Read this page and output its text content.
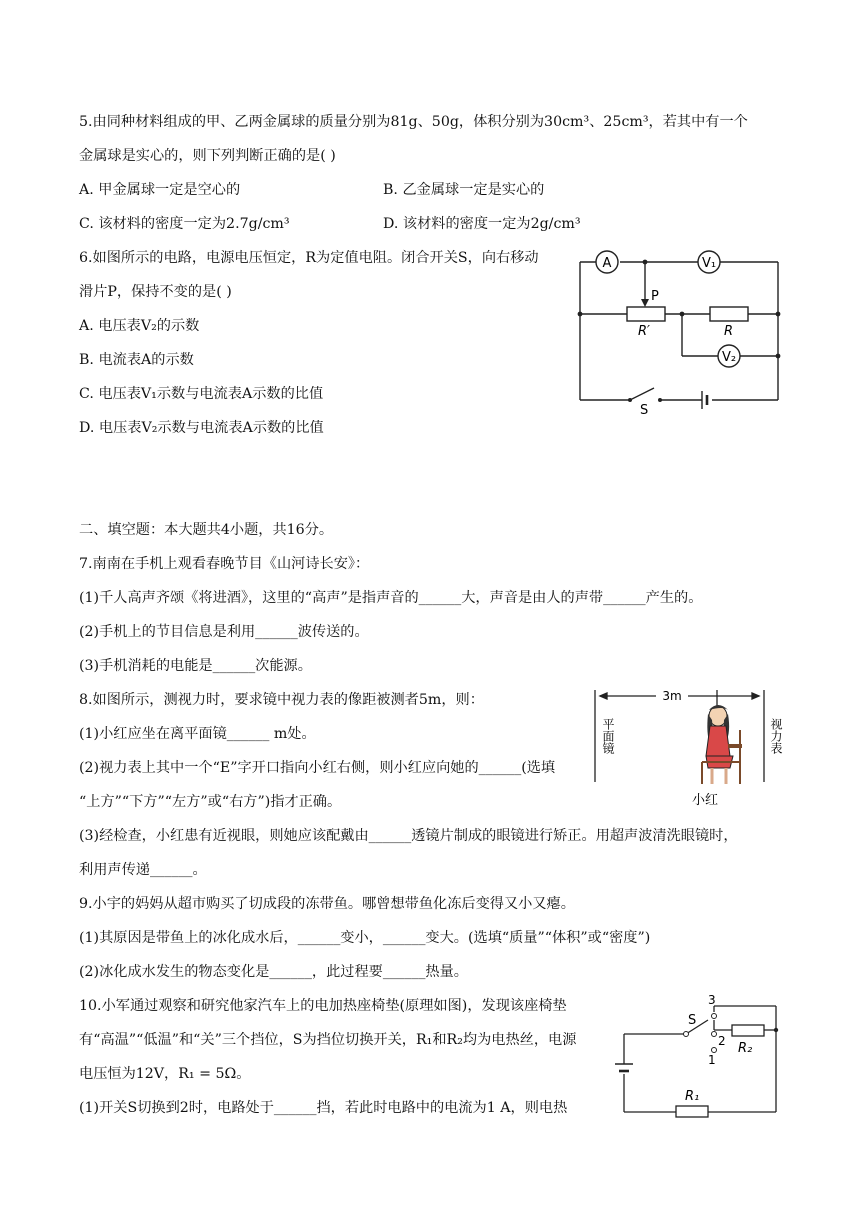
5.由同种材料组成的甲、乙两金属球的质量分别为81g、50g，体积分别为30cm³、25cm³，若其中有一个
金属球是实心的，则下列判断正确的是( )
A. 甲金属球一定是空心的	B. 乙金属球一定是实心的
C. 该材料的密度一定为2.7g/cm³	D. 该材料的密度一定为2g/cm³
6.如图所示的电路，电源电压恒定，R为定值电阻。闭合开关S，向右移动
滑片P，保持不变的是( )
A. 电压表V₂的示数
B. 电流表A的示数
C. 电压表V₁示数与电流表A示数的比值
D. 电压表V₂示数与电流表A示数的比值
A	V₁
V₂
P
R′	R
S
二、填空题：本大题共4小题，共16分。
7.南南在手机上观看春晚节目《山河诗长安》：
(1)千人高声齐颂《将进酒》，这里的“高声”是指声音的______大，声音是由人的声带______产生的。
(2)手机上的节目信息是利用______波传送的。
(3)手机消耗的电能是______次能源。
8.如图所示，测视力时，要求镜中视力表的像距被测者5m，则：
(1)小红应坐在离平面镜______ m处。
(2)视力表上其中一个“E”字开口指向小红右侧，则小红应向她的______(选填
“上方”“下方”“左方”或“右方”)指才正确。
(3)经检查，小红患有近视眼，则她应该配戴由______透镜片制成的眼镜进行矫正。用超声波清洗眼镜时，
利用声传递______。
3m
平面镜	视力表
小红
9.小宇的妈妈从超市购买了切成段的冻带鱼。哪曾想带鱼化冻后变得又小又瘪。
(1)其原因是带鱼上的冰化成水后，______变小，______变大。(选填“质量”“体积”或“密度”)
(2)冰化成水发生的物态变化是______，此过程要______热量。
10.小军通过观察和研究他家汽车上的电加热座椅垫(原理如图)，发现该座椅垫
有“高温”“低温”和“关”三个挡位，S为挡位切换开关，R₁和R₂均为电热丝，电源
电压恒为12V，R₁ = 5Ω。
(1)开关S切换到2时，电路处于______挡，若此时电路中的电流为1 A，则电热
S
3
2
1
R₂
R₁
